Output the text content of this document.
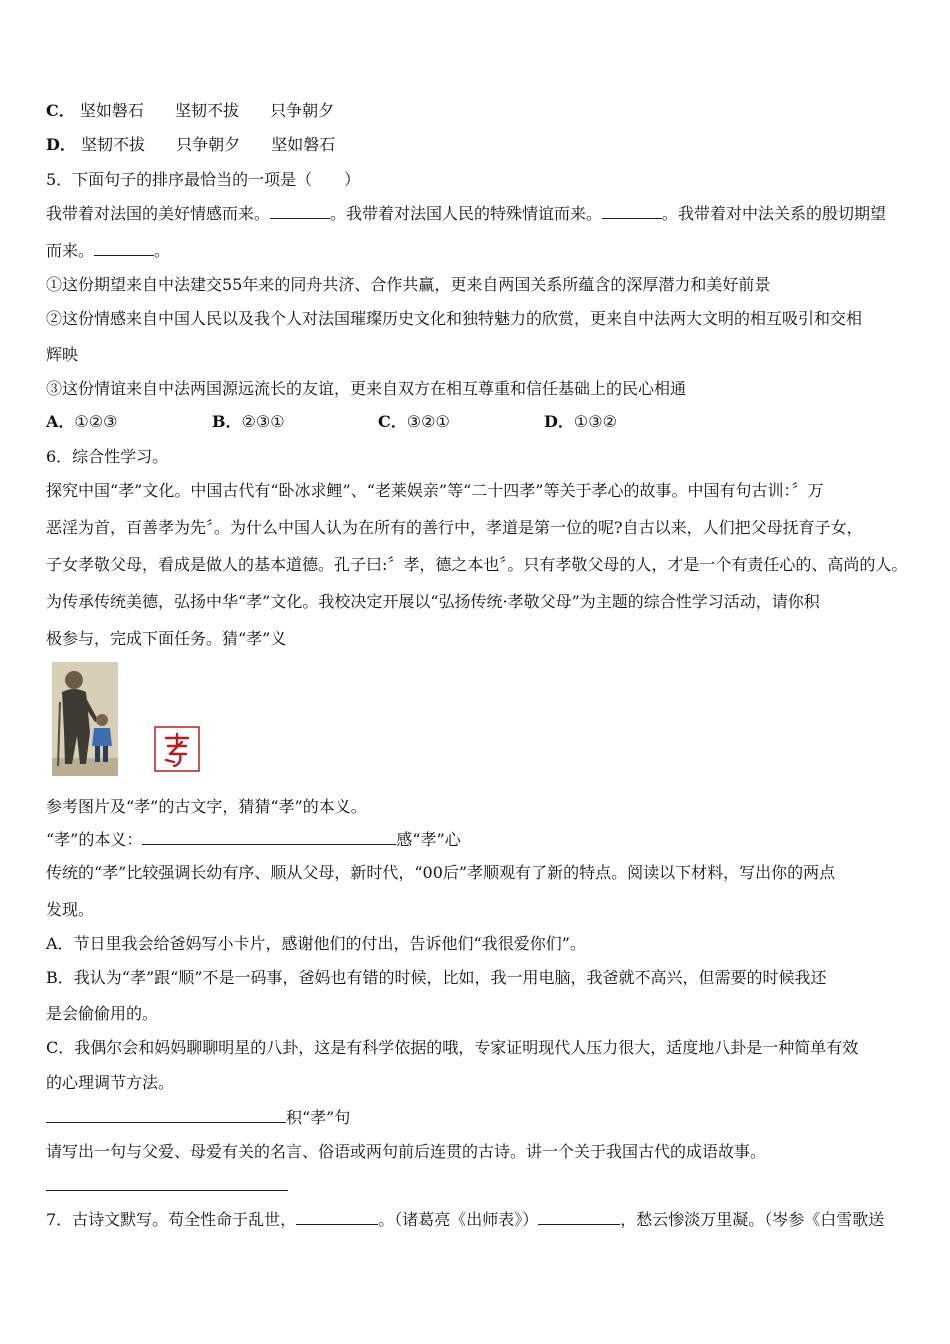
C． 坚如磐石 坚韧不拔 只争朝夕
D． 坚韧不拔 只争朝夕 坚如磐石
5．下面句子的排序最恰当的一项是（　　）
我带着对法国的美好情感而来。	。我带着对法国人民的特殊情谊而来。	。我带着对中法关系的殷切期望
而来。	。
①这份期望来自中法建交55年来的同舟共济、合作共赢，更来自两国关系所蕴含的深厚潜力和美好前景
②这份情感来自中国人民以及我个人对法国璀璨历史文化和独特魅力的欣赏，更来自中法两大文明的相互吸引和交相
辉映
③这份情谊来自中法两国源远流长的友谊，更来自双方在相互尊重和信任基础上的民心相通
A．①②③	B．②③①	C．③②①	D．①③②
6．综合性学习。
探究中国“孝”文化。中国古代有“卧冰求鲤”、“老莱娱亲”等“二十四孝”等关于孝心的故事。中国有句古训：〞万
恶淫为首，百善孝为先〞。为什么中国人认为在所有的善行中，孝道是第一位的呢?自古以来，人们把父母抚育子女，
子女孝敬父母，看成是做人的基本道德。孔子曰:〞孝，德之本也〞。只有孝敬父母的人，才是一个有责任心的、高尚的人。
为传承传统美德，弘扬中华“孝”文化。我校决定开展以“弘扬传统·孝敬父母”为主题的综合性学习活动，请你积
极参与，完成下面任务。猜“孝”义
参考图片及“孝”的古文字，猜猜“孝”的本义。
“孝”的本义：	感“孝”心
传统的“孝”比较强调长幼有序、顺从父母，新时代，“00后”孝顺观有了新的特点。阅读以下材料，写出你的两点
发现。
A．节日里我会给爸妈写小卡片，感谢他们的付出，告诉他们“我很爱你们”。
B．我认为“孝”跟“顺”不是一码事，爸妈也有错的时候，比如，我一用电脑，我爸就不高兴，但需要的时候我还
是会偷偷用的。
C．我偶尔会和妈妈聊聊明星的八卦，这是有科学依据的哦，专家证明现代人压力很大，适度地八卦是一种简单有效
的心理调节方法。
积“孝”句
请写出一句与父爱、母爱有关的名言、俗语或两句前后连贯的古诗。讲一个关于我国古代的成语故事。
7．古诗文默写。苟全性命于乱世，	。（诸葛亮《出师表》）	，愁云惨淡万里凝。（岑参《白雪歌送
